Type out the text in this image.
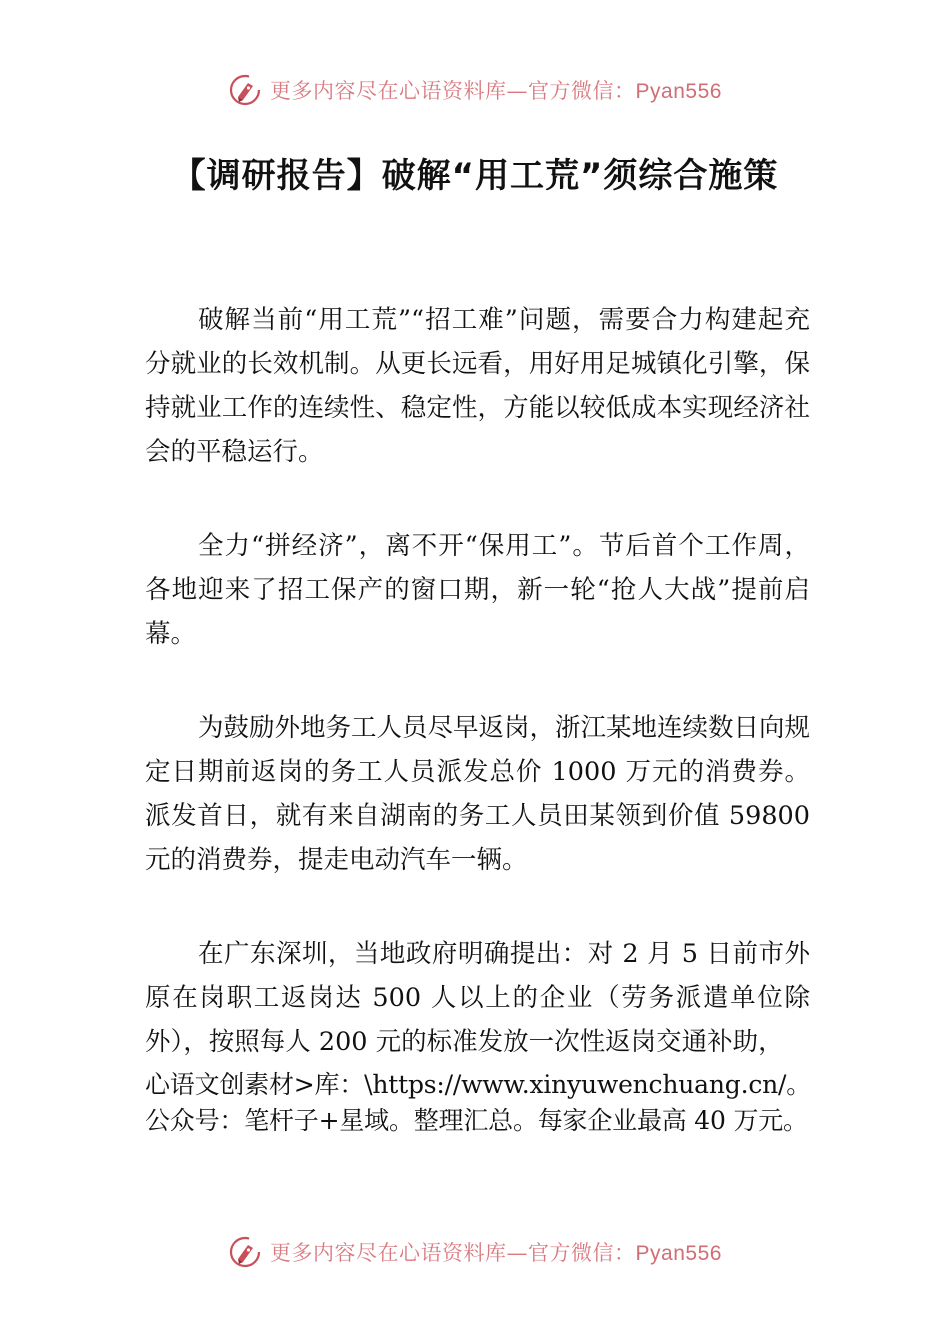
更多内容尽在心语资料库—官方微信：Pyan556
【调研报告】破解“用工荒”须综合施策

破解当前“用工荒”“招工难”问题，需要合力构建起充分就业的长效机制。从更长远看，用好用足城镇化引擎，保持就业工作的连续性、稳定性，方能以较低成本实现经济社会的平稳运行。

全力“拼经济”，离不开“保用工”。节后首个工作周，各地迎来了招工保产的窗口期，新一轮“抢人大战”提前启幕。

为鼓励外地务工人员尽早返岗，浙江某地连续数日向规定日期前返岗的务工人员派发总价 1000 万元的消费券。派发首日，就有来自湖南的务工人员田某领到价值 59800 元的消费券，提走电动汽车一辆。

在广东深圳，当地政府明确提出：对 2 月 5 日前市外原在岗职工返岗达 500 人以上的企业（劳务派遣单位除外），按照每人 200 元的标准发放一次性返岗交通补助，

心语文创素材>库：\https://www.xinyuwenchuang.cn/。

公众号：笔杆子+星域。整理汇总。每家企业最高 40 万元。

更多内容尽在心语资料库—官方微信：Pyan556
